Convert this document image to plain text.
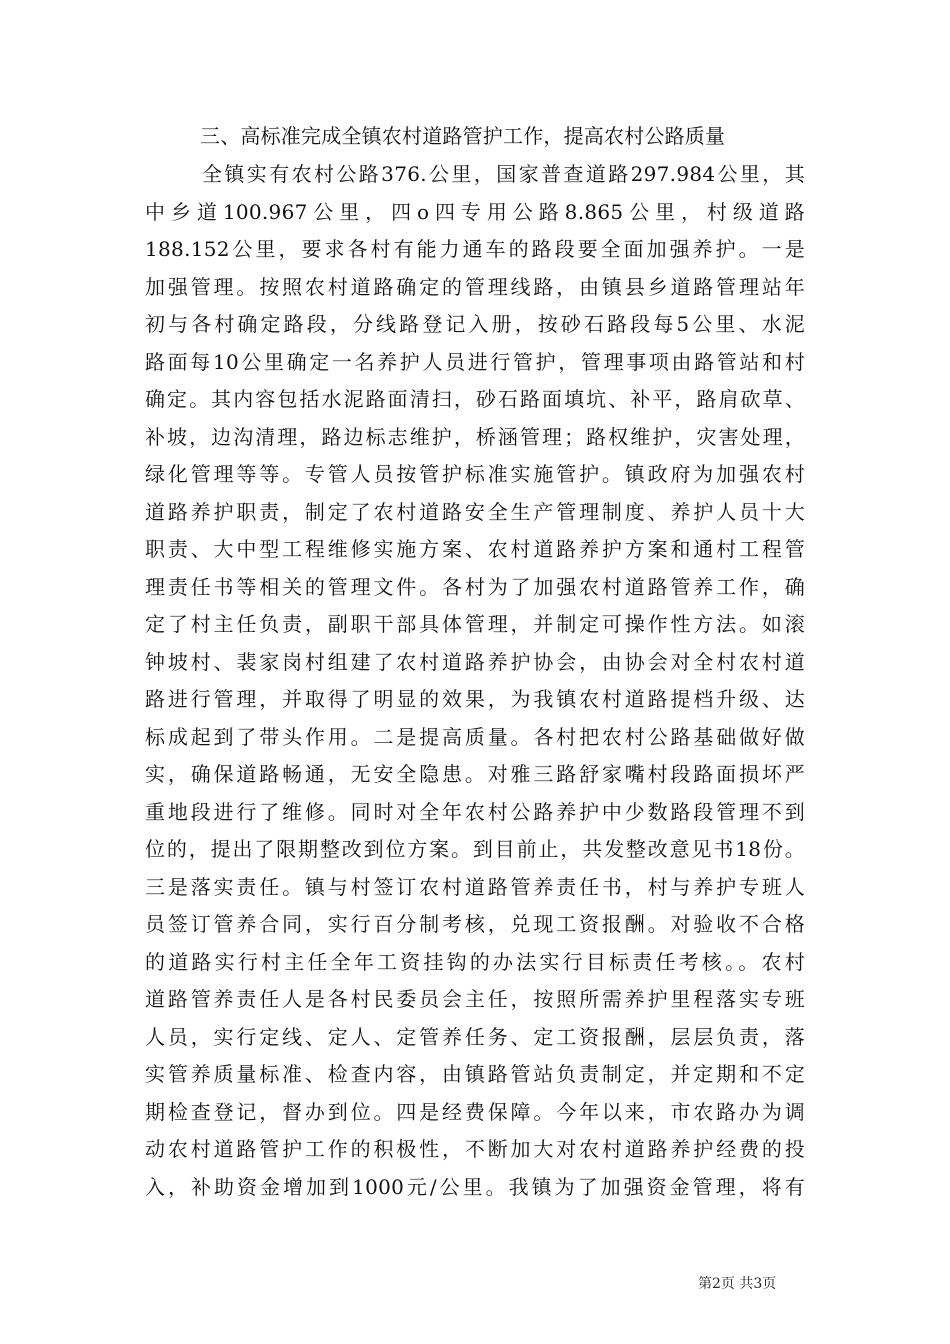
三、高标准完成全镇农村道路管护工作，提高农村公路质量
全镇实有农村公路376.公里，国家普查道路297.984公里，其
中乡道100.967公里，四o四专用公路8.865公里，村级道路
188.152公里，要求各村有能力通车的路段要全面加强养护。一是
加强管理。按照农村道路确定的管理线路，由镇县乡道路管理站年
初与各村确定路段，分线路登记入册，按砂石路段每5公里、水泥
路面每10公里确定一名养护人员进行管护，管理事项由路管站和村
确定。其内容包括水泥路面清扫，砂石路面填坑、补平，路肩砍草、
补坡，边沟清理，路边标志维护，桥涵管理；路权维护，灾害处理，
绿化管理等等。专管人员按管护标准实施管护。镇政府为加强农村
道路养护职责，制定了农村道路安全生产管理制度、养护人员十大
职责、大中型工程维修实施方案、农村道路养护方案和通村工程管
理责任书等相关的管理文件。各村为了加强农村道路管养工作，确
定了村主任负责，副职干部具体管理，并制定可操作性方法。如滚
钟坡村、裴家岗村组建了农村道路养护协会，由协会对全村农村道
路进行管理，并取得了明显的效果，为我镇农村道路提档升级、达
标成起到了带头作用。二是提高质量。各村把农村公路基础做好做
实，确保道路畅通，无安全隐患。对雅三路舒家嘴村段路面损坏严
重地段进行了维修。同时对全年农村公路养护中少数路段管理不到
位的，提出了限期整改到位方案。到目前止，共发整改意见书18份。
三是落实责任。镇与村签订农村道路管养责任书，村与养护专班人
员签订管养合同，实行百分制考核，兑现工资报酬。对验收不合格
的道路实行村主任全年工资挂钩的办法实行目标责任考核。。农村
道路管养责任人是各村民委员会主任，按照所需养护里程落实专班
人员，实行定线、定人、定管养任务、定工资报酬，层层负责，落
实管养质量标准、检查内容，由镇路管站负责制定，并定期和不定
期检查登记，督办到位。四是经费保障。今年以来，市农路办为调
动农村道路管护工作的积极性，不断加大对农村道路养护经费的投
入，补助资金增加到1000元/公里。我镇为了加强资金管理，将有
第2页 共3页
